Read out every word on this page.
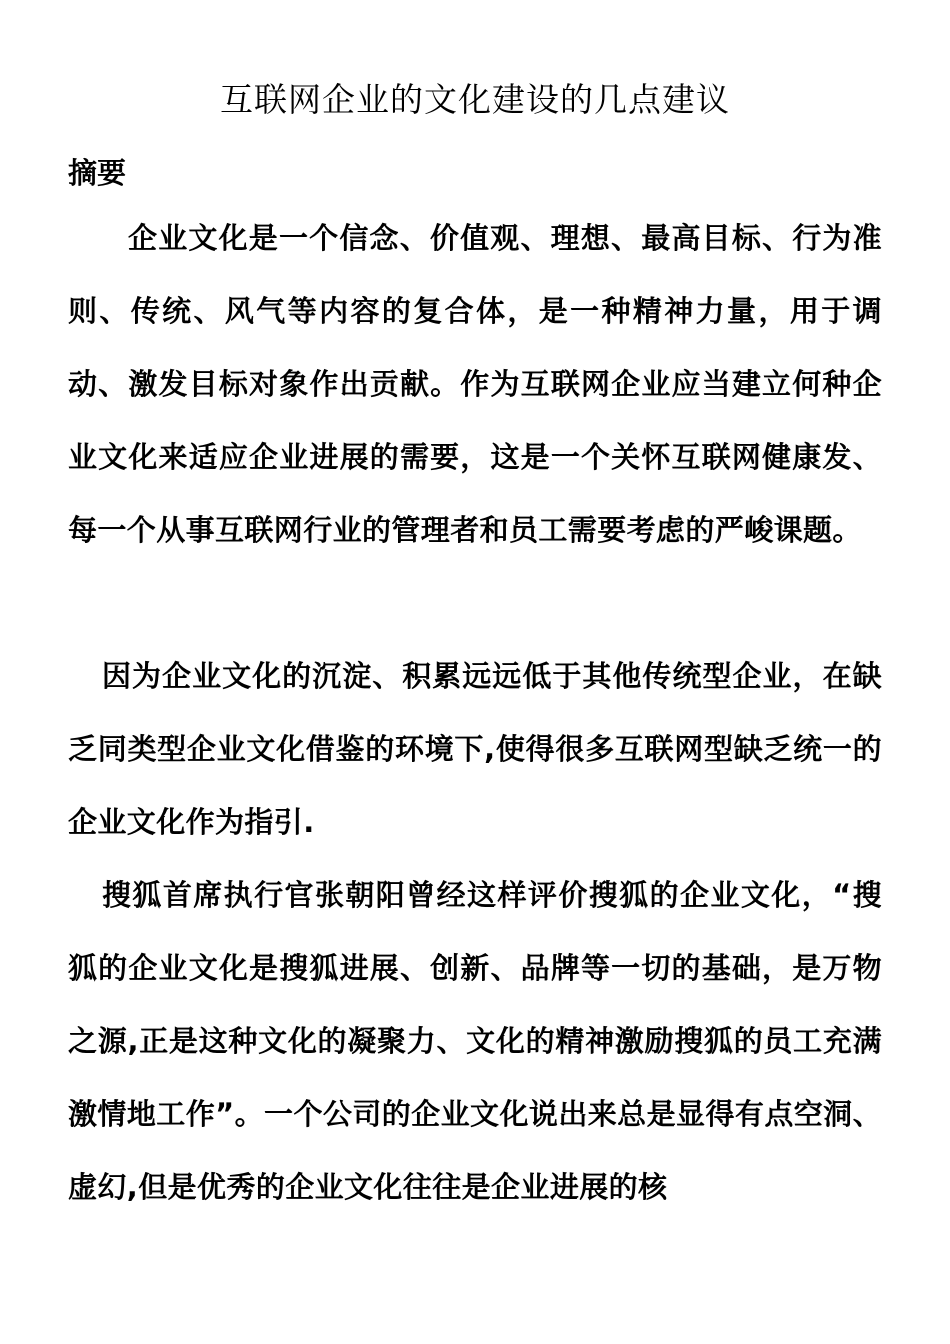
互联网企业的文化建设的几点建议
摘要

企业文化是一个信念、价值观、理想、最高目标、行为准则、传统、风气等内容的复合体，是一种精神力量，用于调动、激发目标对象作出贡献。作为互联网企业应当建立何种企业文化来适应企业进展的需要，这是一个关怀互联网健康发、每一个从事互联网行业的管理者和员工需要考虑的严峻课题。

因为企业文化的沉淀、积累远远低于其他传统型企业，在缺乏同类型企业文化借鉴的环境下,使得很多互联网型缺乏统一的企业文化作为指引.

搜狐首席执行官张朝阳曾经这样评价搜狐的企业文化，“搜狐的企业文化是搜狐进展、创新、品牌等一切的基础，是万物之源,正是这种文化的凝聚力、文化的精神激励搜狐的员工充满激情地工作”。一个公司的企业文化说出来总是显得有点空洞、虚幻,但是优秀的企业文化往往是企业进展的核
